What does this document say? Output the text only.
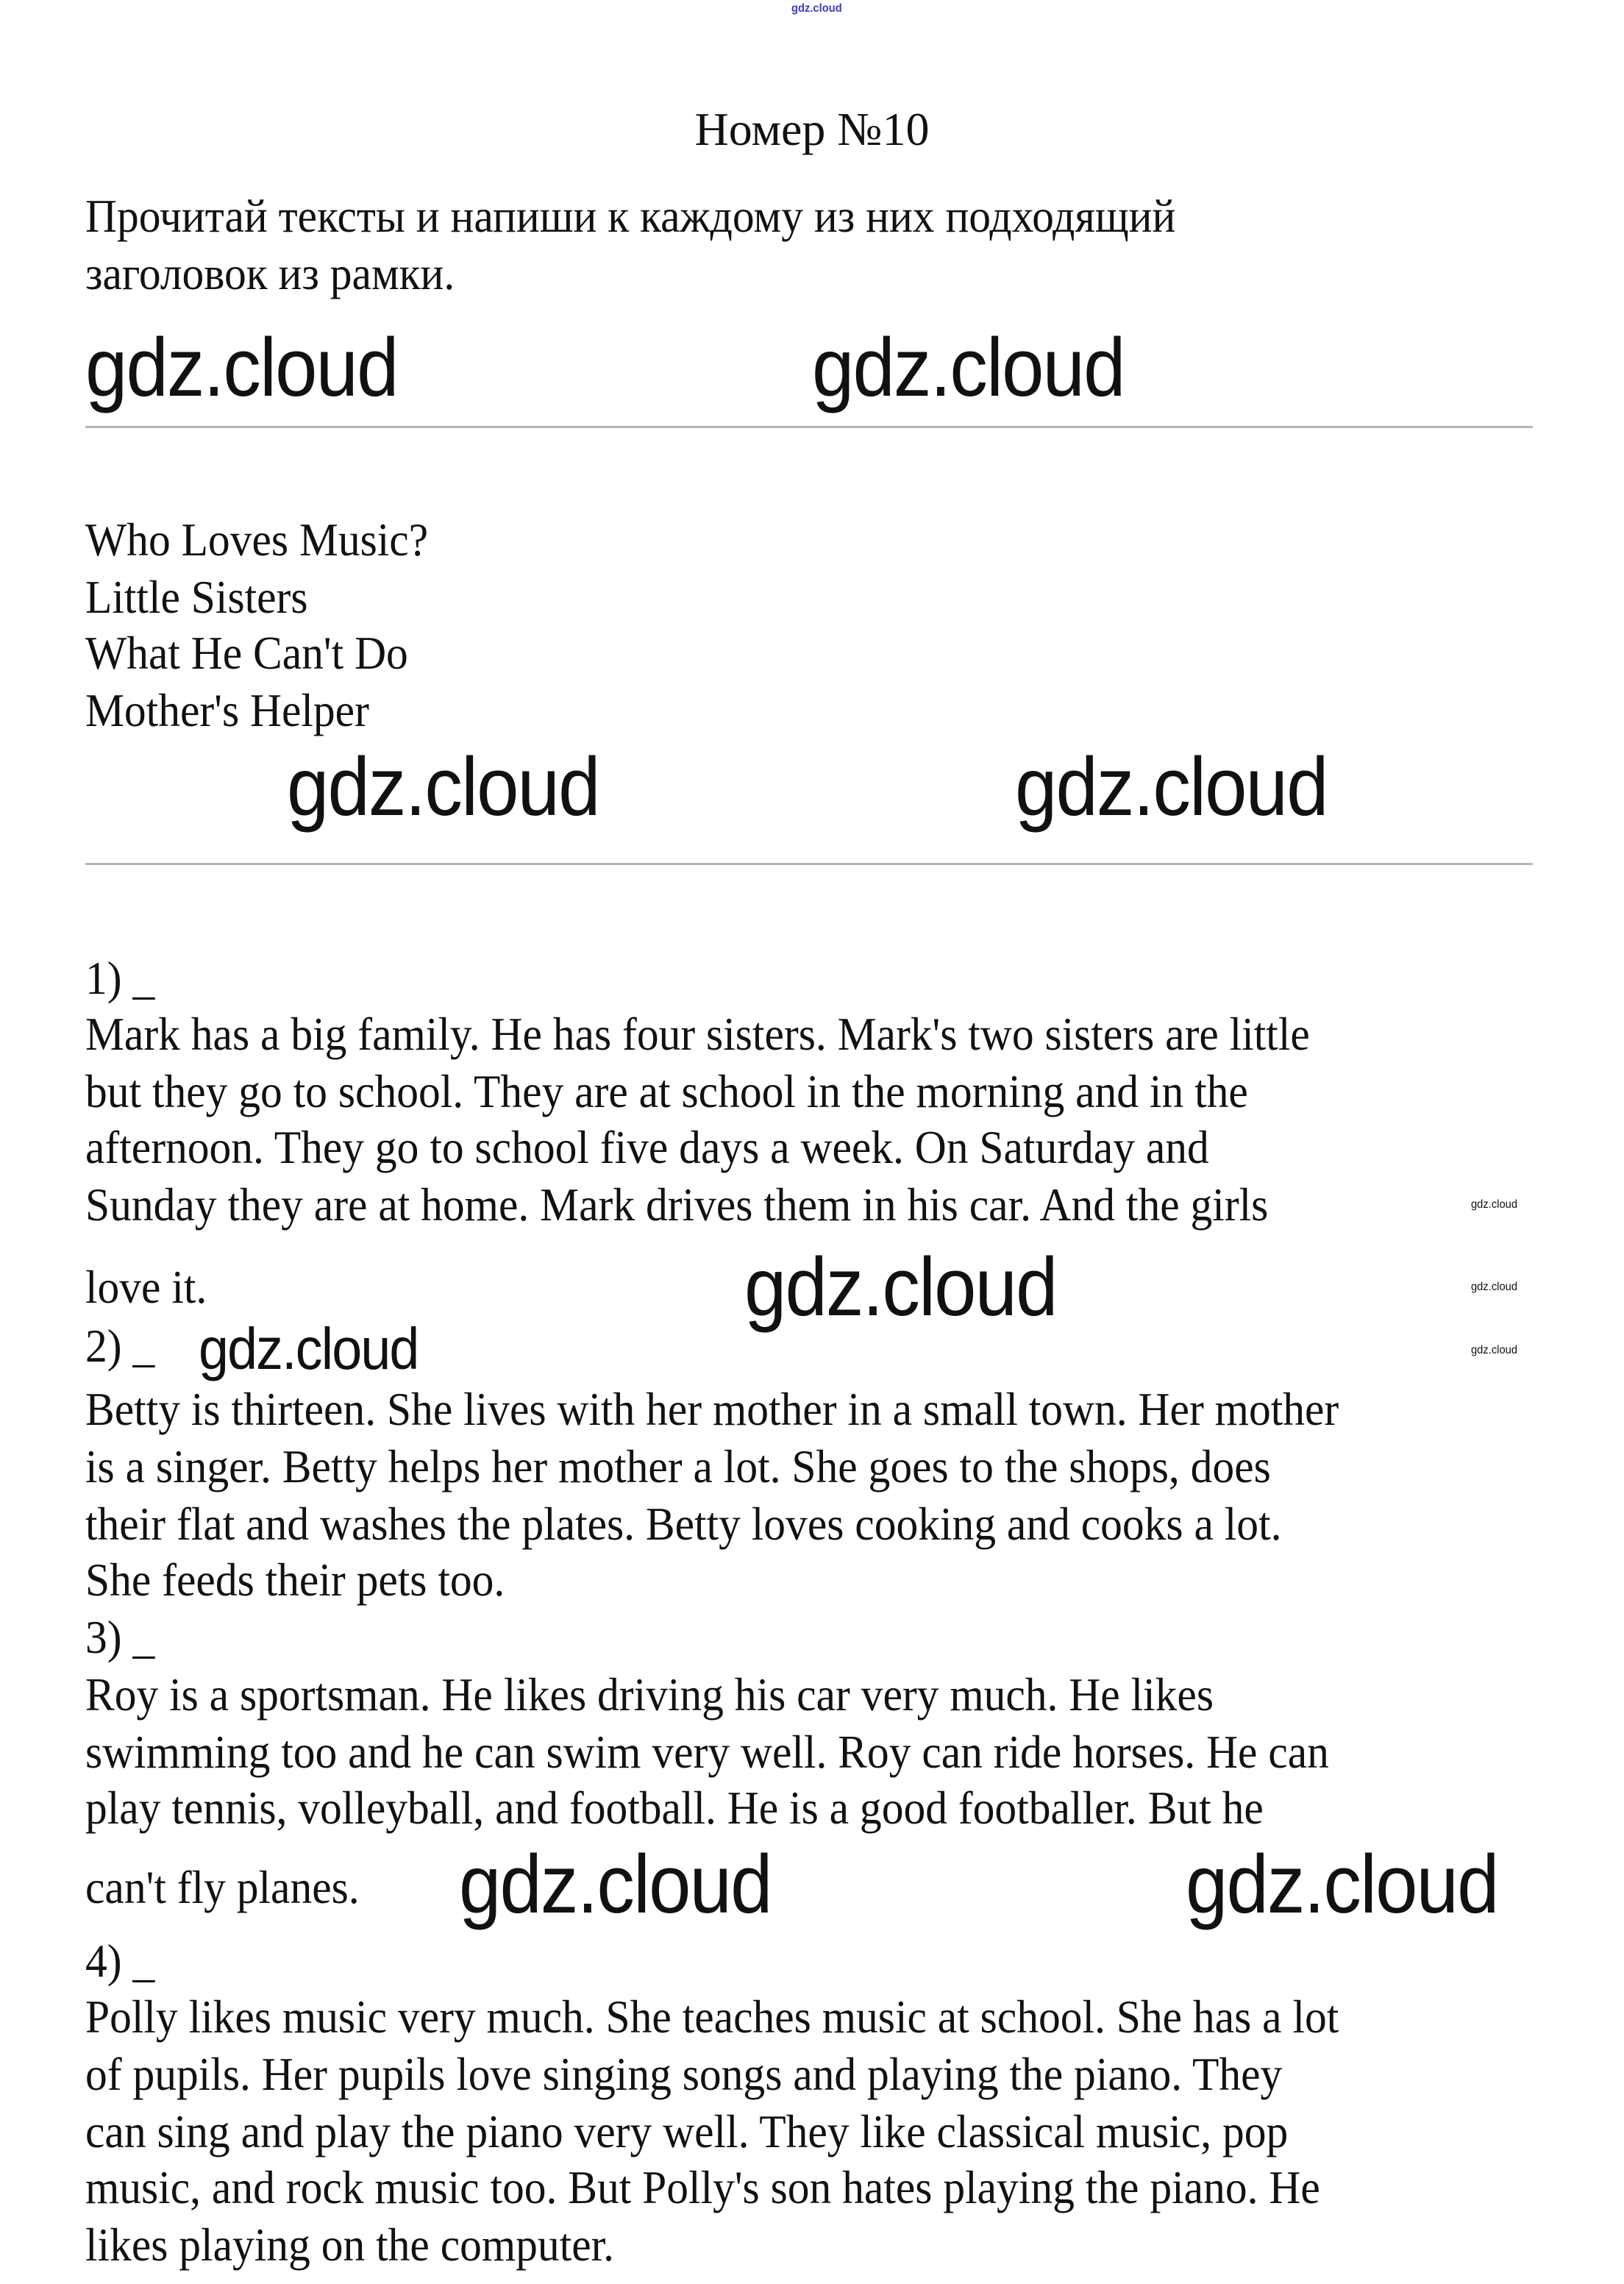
gdz.cloud
Номер №10
Прочитай тексты и напиши к каждому из них подходящий
заголовок из рамки.
Who Loves Music?
Little Sisters
What He Can't Do
Mother's Helper
1) _
Mark has a big family. He has four sisters. Mark's two sisters are little
but they go to school. They are at school in the morning and in the
afternoon. They go to school five days a week. On Saturday and
Sunday they are at home. Mark drives them in his car. And the girls
love it.
2) _
Betty is thirteen. She lives with her mother in a small town. Her mother
is a singer. Betty helps her mother a lot. She goes to the shops, does
their flat and washes the plates. Betty loves cooking and cooks a lot.
She feeds their pets too.
3) _
Roy is a sportsman. He likes driving his car very much. He likes
swimming too and he can swim very well. Roy can ride horses. He can
play tennis, volleyball, and football. He is a good footballer. But he
can't fly planes.
4) _
Polly likes music very much. She teaches music at school. She has a lot
of pupils. Her pupils love singing songs and playing the piano. They
can sing and play the piano very well. They like classical music, pop
music, and rock music too. But Polly's son hates playing the piano. He
likes playing on the computer.
gdz.cloud	gdz.cloud
gdz.cloud	gdz.cloud
gdz.cloud
gdz.cloud
gdz.cloud	gdz.cloud
gdz.cloud
gdz.cloud
gdz.cloud
